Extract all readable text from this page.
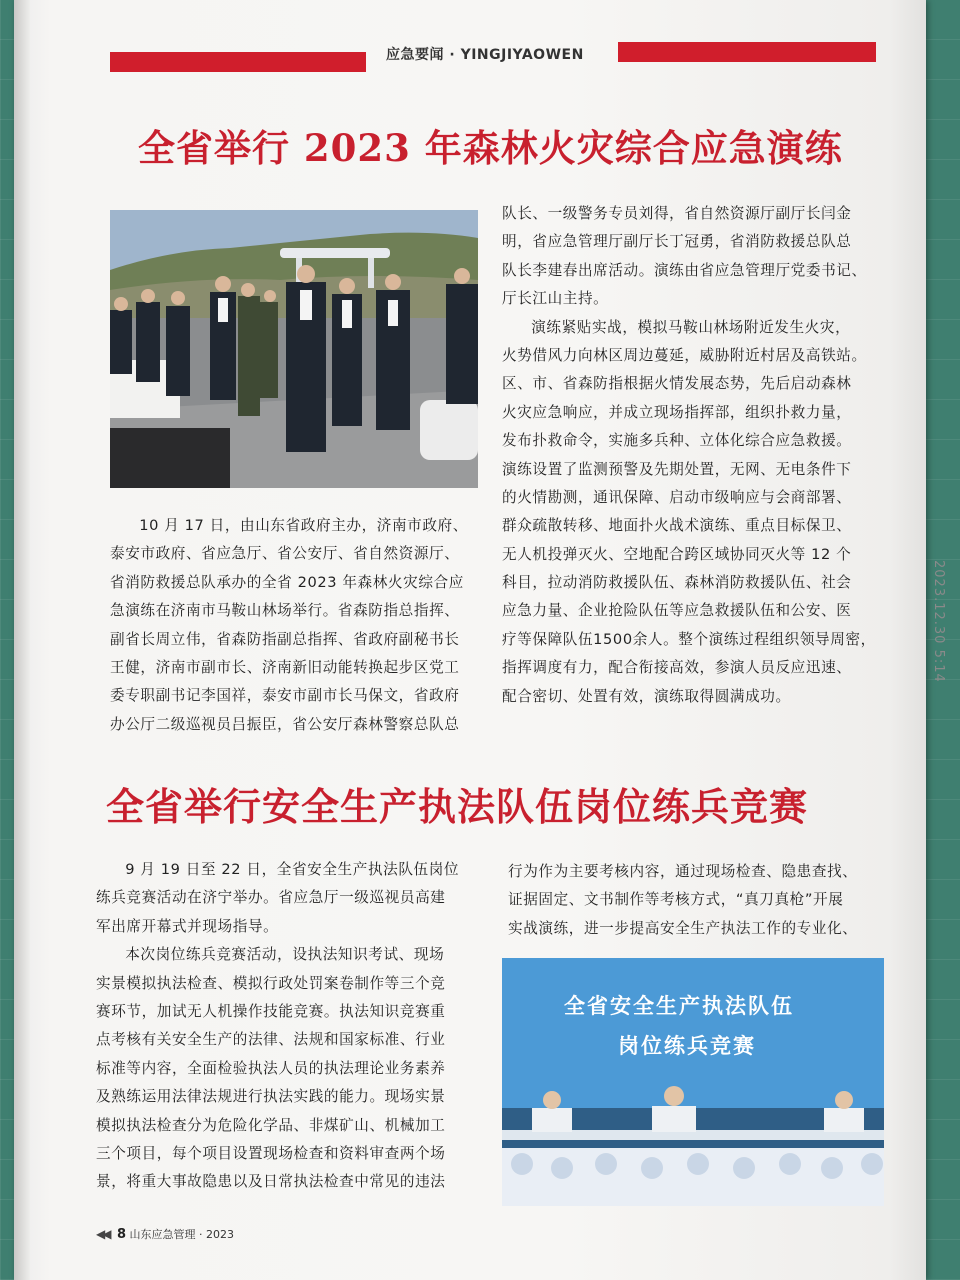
应急要闻 · YINGJIYAOWEN
全省举行 2023 年森林火灾综合应急演练
10 月 17 日，由山东省政府主办，济南市政府、
泰安市政府、省应急厅、省公安厅、省自然资源厅、
省消防救援总队承办的全省 2023 年森林火灾综合应
急演练在济南市马鞍山林场举行。省森防指总指挥、
副省长周立伟，省森防指副总指挥、省政府副秘书长
王健，济南市副市长、济南新旧动能转换起步区党工
委专职副书记李国祥，泰安市副市长马保文，省政府
办公厅二级巡视员吕振臣，省公安厅森林警察总队总
队长、一级警务专员刘得，省自然资源厅副厅长闫金
明，省应急管理厅副厅长丁冠勇，省消防救援总队总
队长李建春出席活动。演练由省应急管理厅党委书记、
厅长江山主持。
演练紧贴实战，模拟马鞍山林场附近发生火灾，
火势借风力向林区周边蔓延，威胁附近村居及高铁站。
区、市、省森防指根据火情发展态势，先后启动森林
火灾应急响应，并成立现场指挥部，组织扑救力量，
发布扑救命令，实施多兵种、立体化综合应急救援。
演练设置了监测预警及先期处置，无网、无电条件下
的火情勘测，通讯保障、启动市级响应与会商部署、
群众疏散转移、地面扑火战术演练、重点目标保卫、
无人机投弹灭火、空地配合跨区域协同灭火等 12 个
科目，拉动消防救援队伍、森林消防救援队伍、社会
应急力量、企业抢险队伍等应急救援队伍和公安、医
疗等保障队伍1500余人。整个演练过程组织领导周密，
指挥调度有力，配合衔接高效，参演人员反应迅速、
配合密切、处置有效，演练取得圆满成功。
全省举行安全生产执法队伍岗位练兵竞赛
9 月 19 日至 22 日，全省安全生产执法队伍岗位
练兵竞赛活动在济宁举办。省应急厅一级巡视员高建
军出席开幕式并现场指导。
本次岗位练兵竞赛活动，设执法知识考试、现场
实景模拟执法检查、模拟行政处罚案卷制作等三个竞
赛环节，加试无人机操作技能竞赛。执法知识竞赛重
点考核有关安全生产的法律、法规和国家标准、行业
标准等内容，全面检验执法人员的执法理论业务素养
及熟练运用法律法规进行执法实践的能力。现场实景
模拟执法检查分为危险化学品、非煤矿山、机械加工
三个项目，每个项目设置现场检查和资料审查两个场
景，将重大事故隐患以及日常执法检查中常见的违法
行为作为主要考核内容，通过现场检查、隐患查找、
证据固定、文书制作等考核方式，“真刀真枪”开展
实战演练，进一步提高安全生产执法工作的专业化、
全省安全生产执法队伍
岗位练兵竞赛
◀◀ 8 山东应急管理 · 2023
2023.12.30 5:14
